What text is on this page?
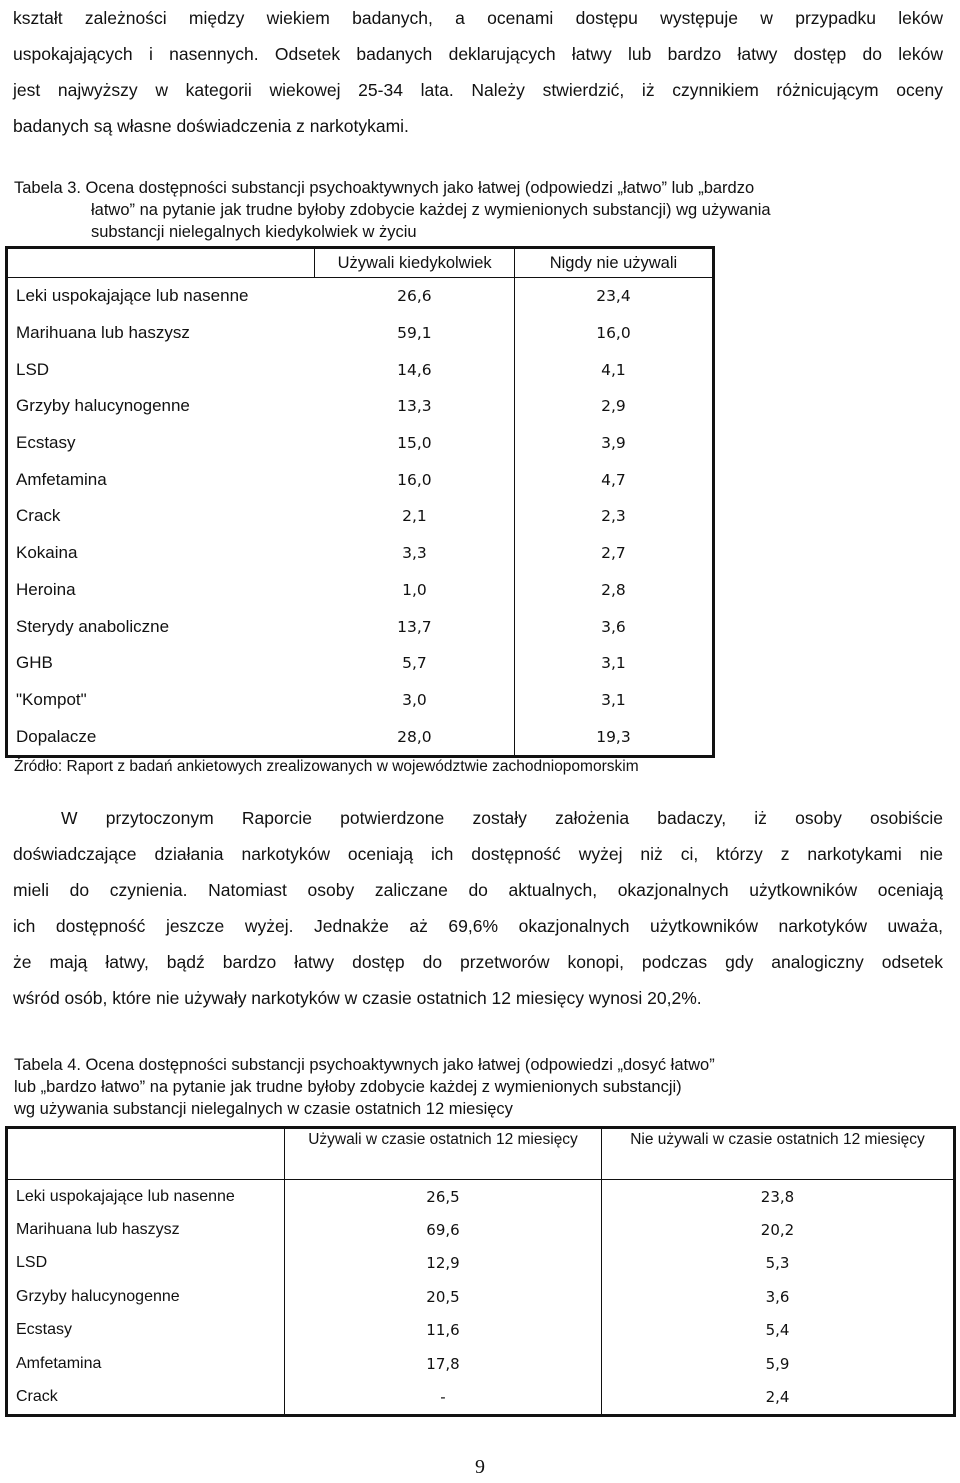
kształt zależności między wiekiem badanych, a ocenami dostępu występuje w przypadku leków
uspokajających i nasennych. Odsetek badanych deklarujących łatwy lub bardzo łatwy dostęp do leków
jest najwyższy w kategorii wiekowej 25-34 lata. Należy stwierdzić, iż czynnikiem różnicującym oceny
badanych są własne doświadczenia z narkotykami.
Tabela 3. Ocena dostępności substancji psychoaktywnych jako łatwej (odpowiedzi „łatwo” lub „bardzo
łatwo” na pytanie jak trudne byłoby zdobycie każdej z wymienionych substancji) wg używania
substancji nielegalnych kiedykolwiek w życiu
	Używali kiedykolwiek	Nigdy nie używali
Leki uspokajające lub nasenne	26,6	23,4
Marihuana lub haszysz	59,1	16,0
LSD	14,6	4,1
Grzyby halucynogenne	13,3	2,9
Ecstasy	15,0	3,9
Amfetamina	16,0	4,7
Crack	2,1	2,3
Kokaina	3,3	2,7
Heroina	1,0	2,8
Sterydy anaboliczne	13,7	3,6
GHB	5,7	3,1
"Kompot"	3,0	3,1
Dopalacze	28,0	19,3

Źródło: Raport z badań ankietowych zrealizowanych w województwie zachodniopomorskim

W przytoczonym Raporcie potwierdzone zostały założenia badaczy, iż osoby osobiście
doświadczające działania narkotyków oceniają ich dostępność wyżej niż ci, którzy z narkotykami nie
mieli do czynienia. Natomiast osoby zaliczane do aktualnych, okazjonalnych użytkowników oceniają
ich dostępność jeszcze wyżej. Jednakże aż 69,6% okazjonalnych użytkowników narkotyków uważa,
że mają łatwy, bądź bardzo łatwy dostęp do przetworów konopi, podczas gdy analogiczny odsetek
wśród osób, które nie używały narkotyków w czasie ostatnich 12 miesięcy wynosi 20,2%.
Tabela 4. Ocena dostępności substancji psychoaktywnych jako łatwej (odpowiedzi „dosyć łatwo”
lub „bardzo łatwo” na pytanie jak trudne byłoby zdobycie każdej z wymienionych substancji)
wg używania substancji nielegalnych w czasie ostatnich 12 miesięcy
	Używali w czasie ostatnich 12 miesięcy	Nie używali w czasie ostatnich 12 miesięcy
Leki uspokajające lub nasenne	26,5	23,8
Marihuana lub haszysz	69,6	20,2
LSD	12,9	5,3
Grzyby halucynogenne	20,5	3,6
Ecstasy	11,6	5,4
Amfetamina	17,8	5,9
Crack	-	2,4

9
